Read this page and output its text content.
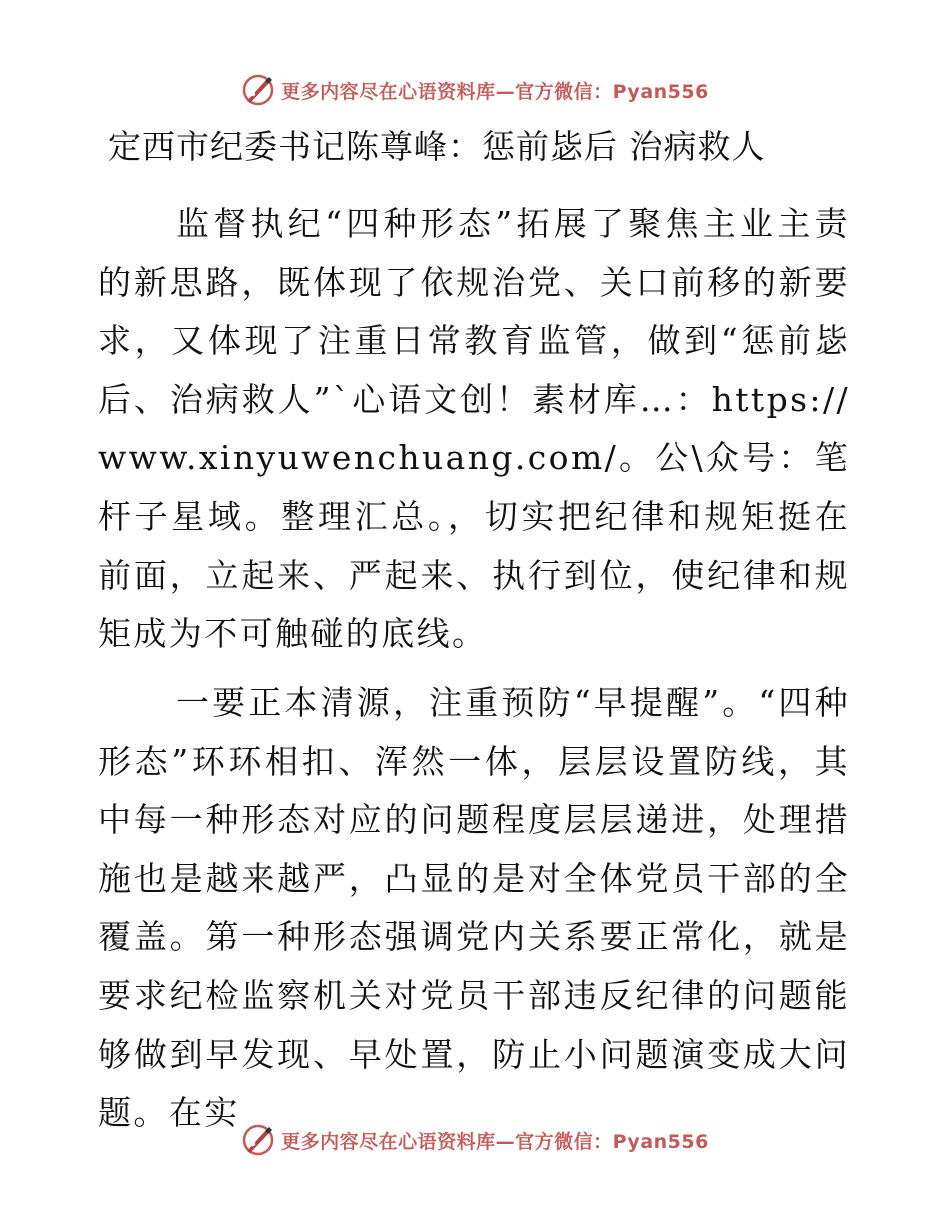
更多内容尽在心语资料库—官方微信：Pyan556
定西市纪委书记陈尊峰：惩前毖后 治病救人

监督执纪“四种形态”拓展了聚焦主业主责的新思路，既体现了依规治党、关口前移的新要求，又体现了注重日常教育监管，做到“惩前毖后、治病救人”`心语文创！素材库…：https://www.xinyuwenchuang.com/。公\众号：笔杆子星域。整理汇总。，切实把纪律和规矩挺在前面，立起来、严起来、执行到位，使纪律和规矩成为不可触碰的底线。

一要正本清源，注重预防“早提醒”。“四种形态”环环相扣、浑然一体，层层设置防线，其中每一种形态对应的问题程度层层递进，处理措施也是越来越严，凸显的是对全体党员干部的全覆盖。第一种形态强调党内关系要正常化，就是要求纪检监察机关对党员干部违反纪律的问题能够做到早发现、早处置，防止小问题演变成大问题。在实

更多内容尽在心语资料库—官方微信：Pyan556
